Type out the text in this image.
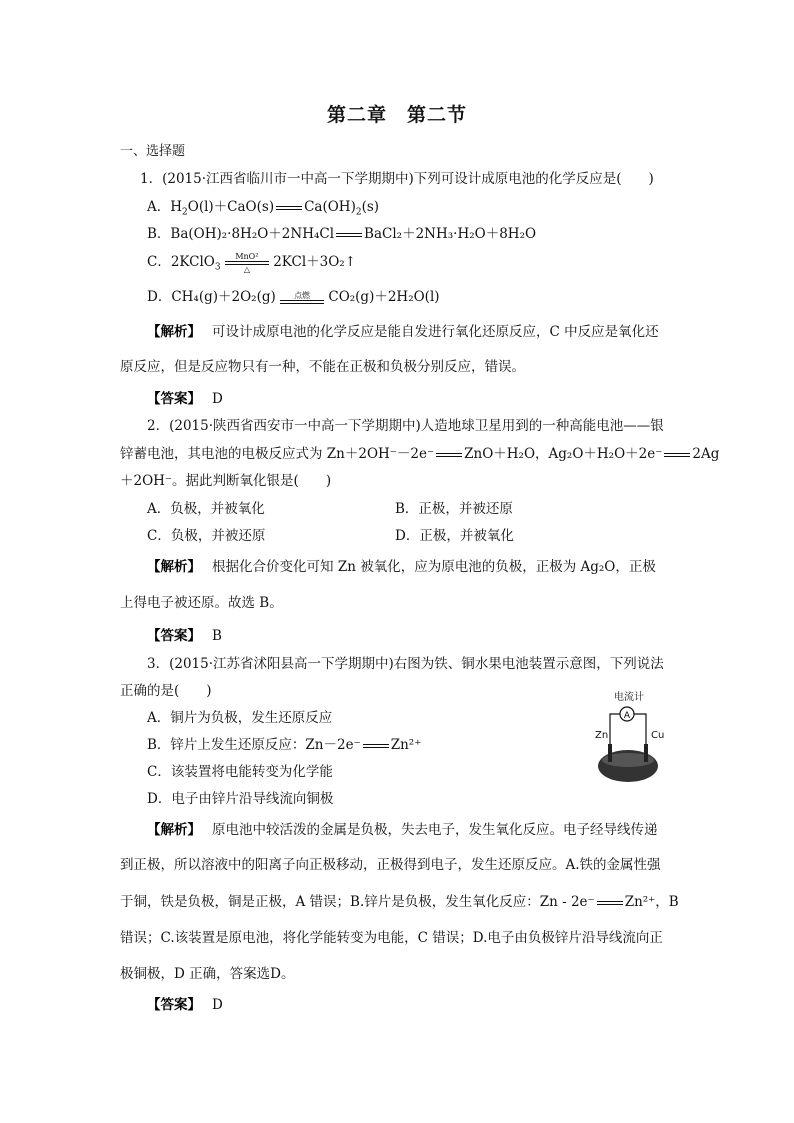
第二章　第二节
一、选择题
1．(2015·江西省临川市一中高一下学期期中)下列可设计成原电池的化学反应是(　　)
A．$H_2O(l)+CaO(s)$ $Ca(OH)_2(s)$
B．Ba(OH)₂·8H₂O＋2NH₄Cl BaCl₂＋2NH₃·H₂O＋8H₂O
C．2KClO$_3$
MnO²
△	2KCl＋3O₂↑
D．CH₄(g)＋2O₂(g)	点燃	CO₂(g)＋2H₂O(l)
【解析】　 可设计成原电池的化学反应是能自发进行氧化还原反应，C 中反应是氧化还
原反应，但是反应物只有一种，不能在正极和负极分别反应，错误。
【答案】　 D
2．(2015·陕西省西安市一中高一下学期期中)人造地球卫星用到的一种高能电池——银
锌蓄电池，其电池的电极反应式为 Zn＋2OH⁻－2e⁻ ZnO＋H₂O，Ag₂O＋H₂O＋2e⁻ 2Ag
＋2OH⁻。据此判断氧化银是(　　)
A．负极，并被氧化	B．正极，并被还原
C．负极，并被还原	D．正极，并被氧化
【解析】　 根据化合价变化可知 Zn 被氧化，应为原电池的负极，正极为 Ag₂O，正极
上得电子被还原。故选 B。
【答案】　 B
3．(2015·江苏省沭阳县高一下学期期中)右图为铁、铜水果电池装置示意图，下列说法
正确的是(　　)
A．铜片为负极，发生还原反应
B．锌片上发生还原反应：Zn－2e⁻ Zn²⁺
C．该装置将电能转变为化学能
D．电子由锌片沿导线流向铜极
电流计
A
Zn	Cu
【解析】　 原电池中较活泼的金属是负极，失去电子，发生氧化反应。电子经导线传递
到正极，所以溶液中的阳离子向正极移动，正极得到电子，发生还原反应。A.铁的金属性强
于铜，铁是负极，铜是正极，A 错误；B.锌片是负极，发生氧化反应：Zn - 2e⁻ Zn²⁺，B
错误；C.该装置是原电池，将化学能转变为电能，C 错误；D.电子由负极锌片沿导线流向正
极铜极，D 正确，答案选D。
【答案】　 D
